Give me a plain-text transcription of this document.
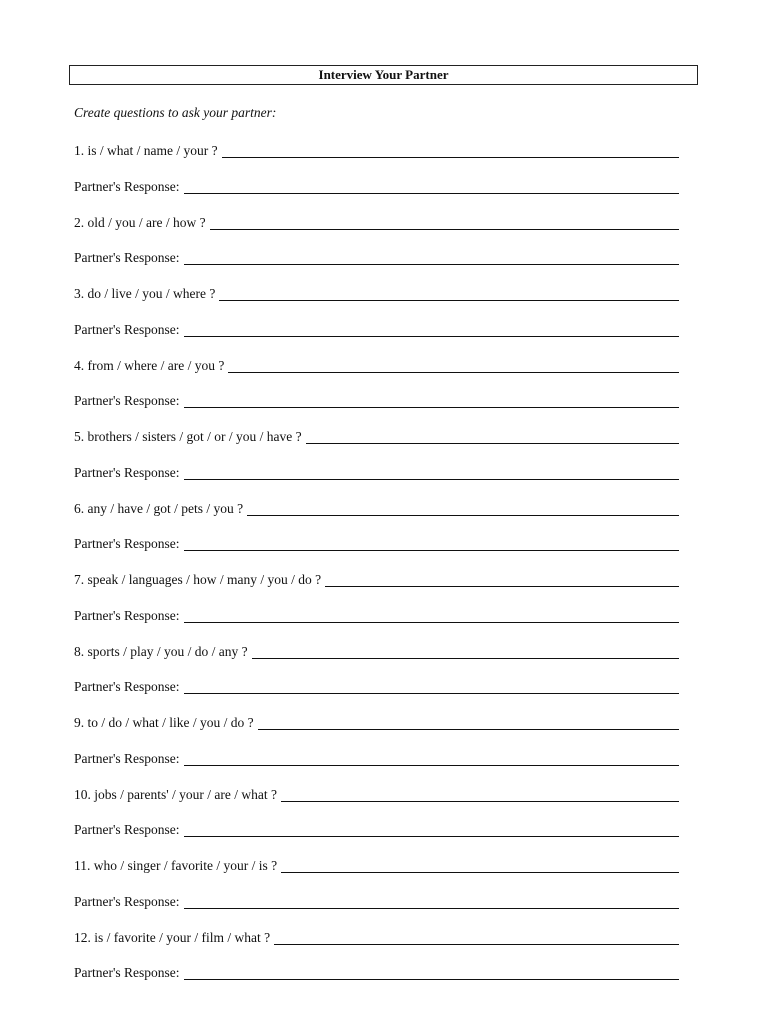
Interview Your Partner
Create questions to ask your partner:
1. is / what / name / your ?
Partner's Response:
2. old / you / are / how ?
Partner's Response:
3. do / live / you / where ?
Partner's Response:
4. from / where / are / you ?
Partner's Response:
5. brothers / sisters / got / or / you / have ?
Partner's Response:
6. any / have / got / pets / you ?
Partner's Response:
7. speak / languages / how / many / you / do ?
Partner's Response:
8. sports / play / you / do / any ?
Partner's Response:
9. to / do / what / like / you / do ?
Partner's Response:
10. jobs / parents' / your / are / what ?
Partner's Response:
11. who / singer / favorite / your / is ?
Partner's Response:
12. is / favorite / your / film / what ?
Partner's Response:
